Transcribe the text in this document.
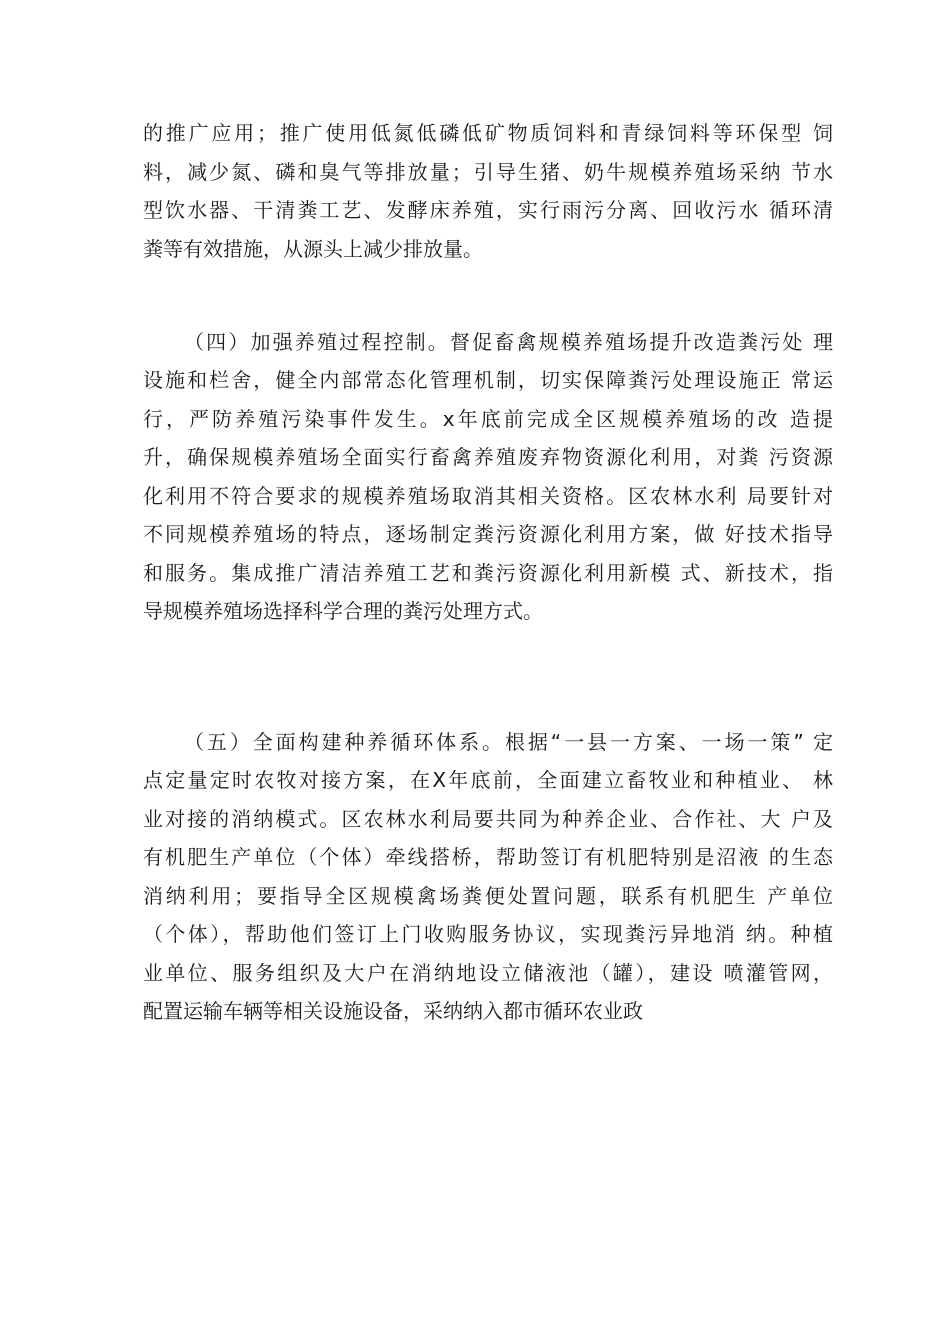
的推广应用；推广使用低氮低磷低矿物质饲料和青绿饲料等环保型 饲
料，减少氮、磷和臭气等排放量；引导生猪、奶牛规模养殖场采纳 节水
型饮水器、干清粪工艺、发酵床养殖，实行雨污分离、回收污水 循环清
粪等有效措施，从源头上减少排放量。
（四）加强养殖过程控制。督促畜禽规模养殖场提升改造粪污处 理
设施和栏舍，健全内部常态化管理机制，切实保障粪污处理设施正 常运
行，严防养殖污染事件发生。x年底前完成全区规模养殖场的改 造提
升，确保规模养殖场全面实行畜禽养殖废弃物资源化利用，对粪 污资源
化利用不符合要求的规模养殖场取消其相关资格。区农林水利 局要针对
不同规模养殖场的特点，逐场制定粪污资源化利用方案，做 好技术指导
和服务。集成推广清洁养殖工艺和粪污资源化利用新模 式、新技术，指
导规模养殖场选择科学合理的粪污处理方式。
（五）全面构建种养循环体系。根据“一县一方案、一场一策” 定
点定量定时农牧对接方案，在X年底前，全面建立畜牧业和种植业、 林
业对接的消纳模式。区农林水利局要共同为种养企业、合作社、大 户及
有机肥生产单位（个体）牵线搭桥，帮助签订有机肥特别是沼液 的生态
消纳利用；要指导全区规模禽场粪便处置问题，联系有机肥生 产单位
（个体），帮助他们签订上门收购服务协议，实现粪污异地消 纳。种植
业单位、服务组织及大户在消纳地设立储液池（罐），建设 喷灌管网，
配置运输车辆等相关设施设备，采纳纳入都市循环农业政
